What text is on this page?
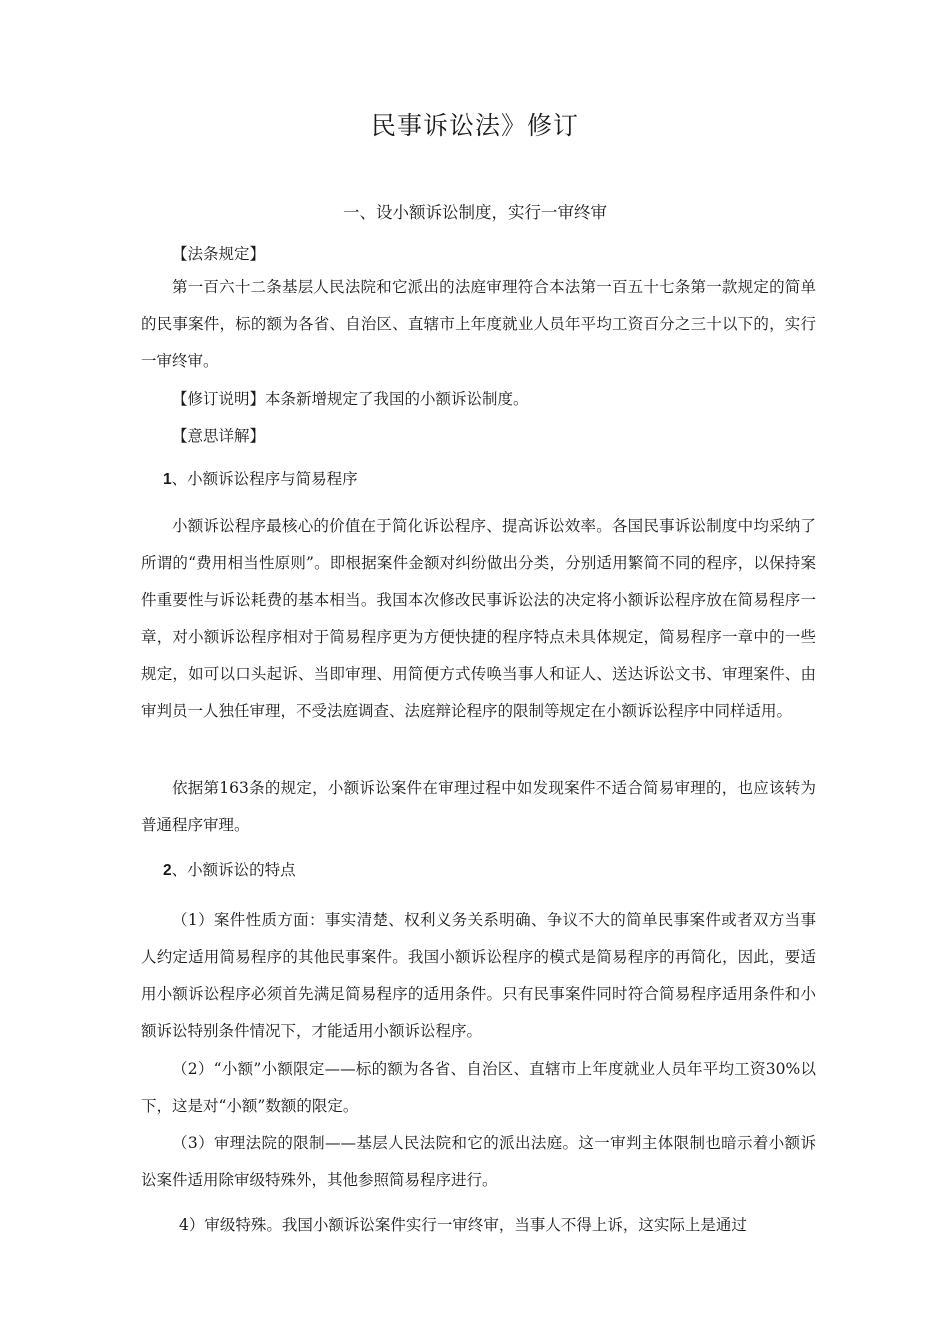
民事诉讼法》修订
一、设小额诉讼制度，实行一审终审

【法条规定】

第一百六十二条基层人民法院和它派出的法庭审理符合本法第一百五十七条第一款规定的简单的民事案件，标的额为各省、自治区、直辖市上年度就业人员年平均工资百分之三十以下的，实行一审终审。

【修订说明】本条新增规定了我国的小额诉讼制度。

【意思详解】

1、小额诉讼程序与简易程序

小额诉讼程序最核心的价值在于简化诉讼程序、提高诉讼效率。各国民事诉讼制度中均采纳了所谓的“费用相当性原则”。即根据案件金额对纠纷做出分类，分别适用繁简不同的程序，以保持案件重要性与诉讼耗费的基本相当。我国本次修改民事诉讼法的决定将小额诉讼程序放在简易程序一章，对小额诉讼程序相对于简易程序更为方便快捷的程序特点未具体规定，简易程序一章中的一些规定，如可以口头起诉、当即审理、用简便方式传唤当事人和证人、送达诉讼文书、审理案件、由审判员一人独任审理，不受法庭调查、法庭辩论程序的限制等规定在小额诉讼程序中同样适用。

依据第163条的规定，小额诉讼案件在审理过程中如发现案件不适合简易审理的，也应该转为普通程序审理。

2、小额诉讼的特点

（1）案件性质方面：事实清楚、权利义务关系明确、争议不大的简单民事案件或者双方当事人约定适用简易程序的其他民事案件。我国小额诉讼程序的模式是简易程序的再简化，因此，要适用小额诉讼程序必须首先满足简易程序的适用条件。只有民事案件同时符合简易程序适用条件和小额诉讼特别条件情况下，才能适用小额诉讼程序。

（2）“小额”小额限定——标的额为各省、自治区、直辖市上年度就业人员年平均工资30%以下，这是对“小额”数额的限定。

（3）审理法院的限制——基层人民法院和它的派出法庭。这一审判主体限制也暗示着小额诉讼案件适用除审级特殊外，其他参照简易程序进行。

4）审级特殊。我国小额诉讼案件实行一审终审，当事人不得上诉，这实际上是通过
